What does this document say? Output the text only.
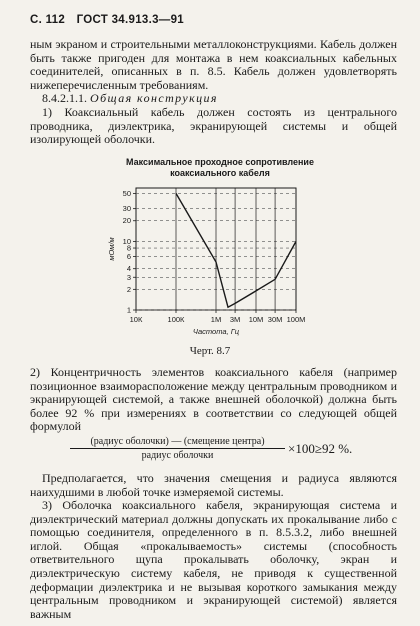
С. 112 ГОСТ 34.913.3—91

ным экраном и строительными металлоконструкциями. Кабель должен быть также пригоден для монтажа в нем коаксиальных кабельных соединителей, описанных в п. 8.5. Кабель должен удовлетворять нижеперечисленным требованиям.

8.4.2.1.1. Общая конструкция

1) Коаксиальный кабель должен состоять из центрального проводника, диэлектрика, экранирующей системы и общей изолирующей оболочки.

Максимальное проходное сопротивление коаксиального кабеля
50
30
20
10
8
6
4
3
2
1
10К	100К	1М 3М 10М 30М 100М
Частота, Гц
мОм/м
Черт. 8.7
2) Концентричность элементов коаксиального кабеля (например позиционное взаиморасположение между центральным проводником и экранирующей системой, а также внешней оболочкой) должна быть более 92 % при измерениях в соответствии со следующей общей формулой
(радиус оболочки) — (смещение центра)
радиус оболочки	×100≥92 %.
Предполагается, что значения смещения и радиуса являются наихудшими в любой точке измеряемой системы.
3) Оболочка коаксиального кабеля, экранирующая система и диэлектрический материал должны допускать их прокалывание либо с помощью соединителя, определенного в п. 8.5.3.2, либо внешней иглой. Общая «прокалываемость» системы (способность ответвительного щупа прокалывать оболочку, экран и диэлектрическую систему кабеля, не приводя к существенной деформации диэлектрика и не вызывая короткого замыкания между центральным проводником и экранирующей системой) является важным
